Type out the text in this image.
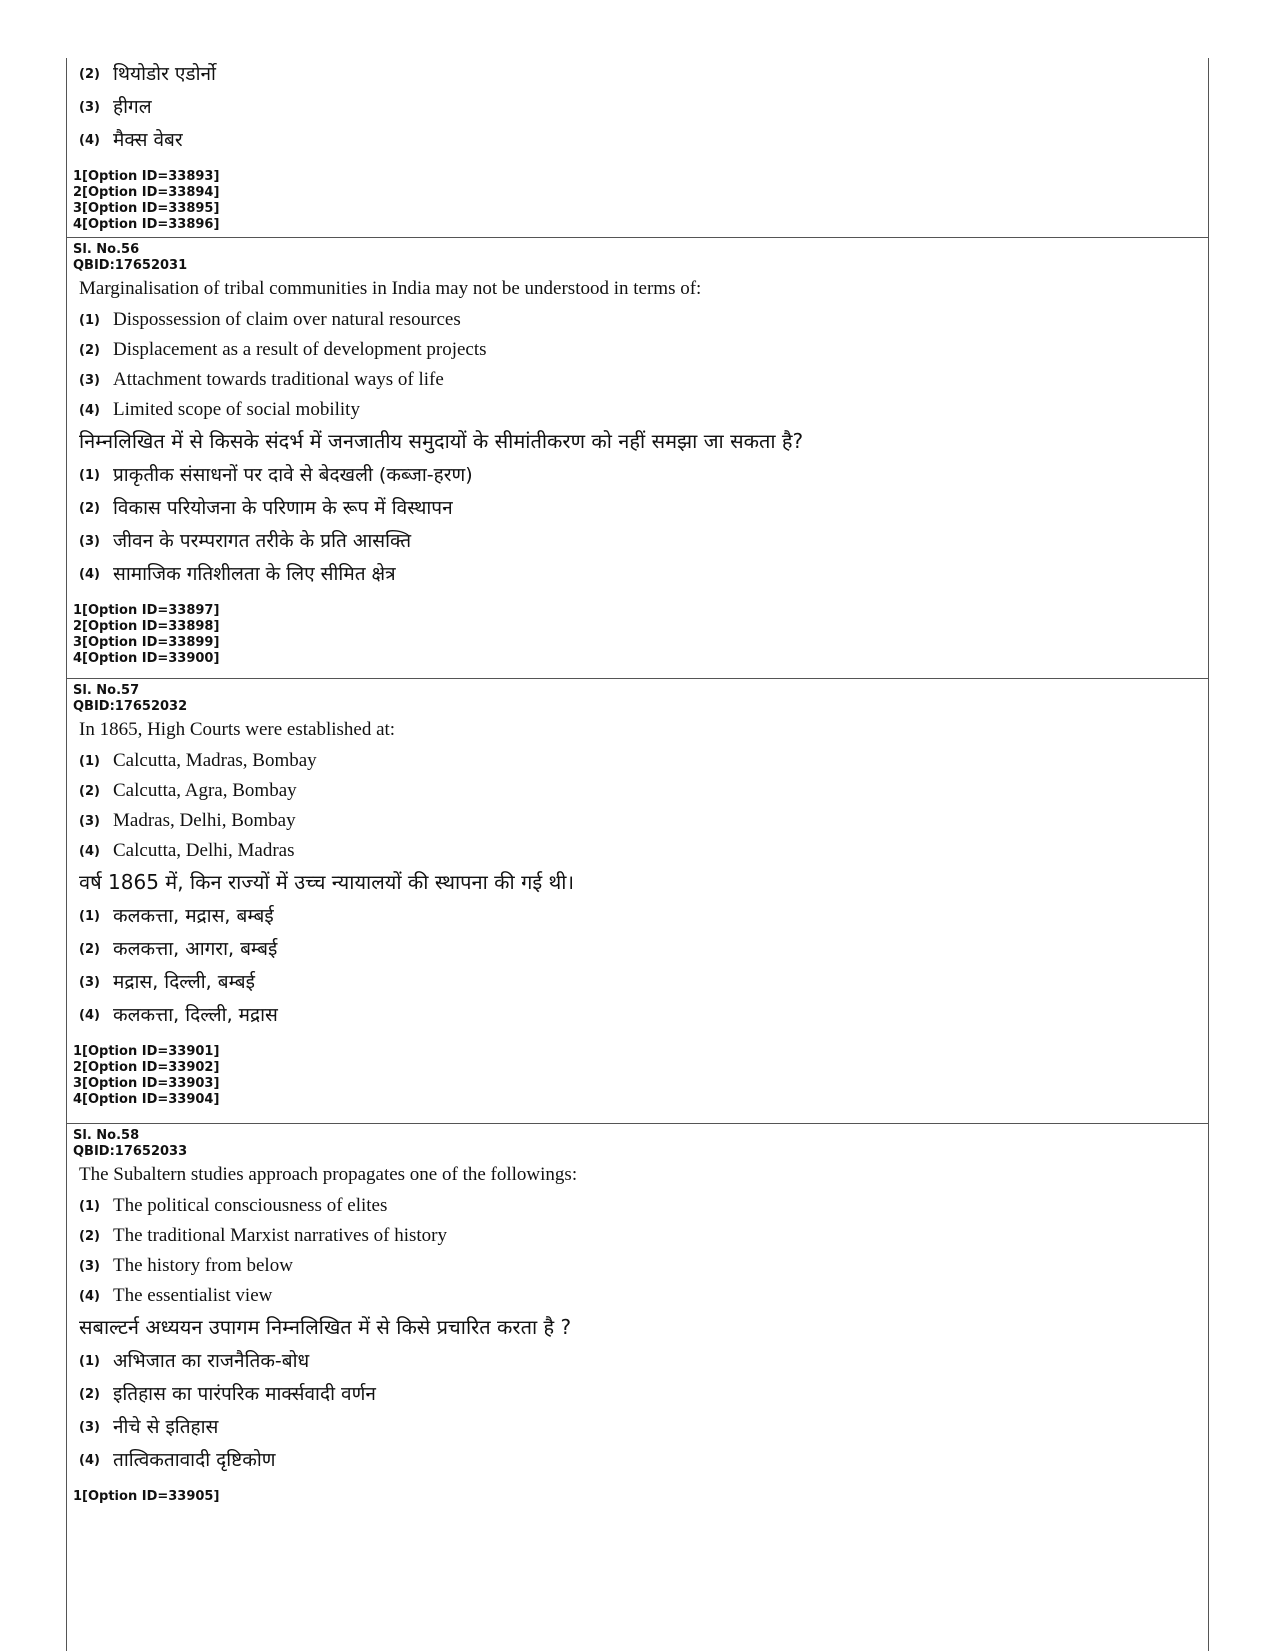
(2) थियोडोर एडोर्नो
(3) हीगल
(4) मैक्स वेबर

1[Option ID=33893]

2[Option ID=33894]

3[Option ID=33895]

4[Option ID=33896]

Sl. No.56

QBID:17652031

Marginalisation of tribal communities in India may not be understood in terms of:

(1) Dispossession of claim over natural resources
(2) Displacement as a result of development projects
(3) Attachment towards traditional ways of life
(4) Limited scope of social mobility

निम्नलिखित में से किसके संदर्भ में जनजातीय समुदायों के सीमांतीकरण को नहीं समझा जा सकता है?

(1) प्राकृतीक संसाधनों पर दावे से बेदखली (कब्जा-हरण)
(2) विकास परियोजना के परिणाम के रूप में विस्थापन
(3) जीवन के परम्परागत तरीके के प्रति आसक्ति
(4) सामाजिक गतिशीलता के लिए सीमित क्षेत्र

1[Option ID=33897]

2[Option ID=33898]

3[Option ID=33899]

4[Option ID=33900]

Sl. No.57

QBID:17652032

In 1865, High Courts were established at:

(1) Calcutta, Madras, Bombay
(2) Calcutta, Agra, Bombay
(3) Madras, Delhi, Bombay
(4) Calcutta, Delhi, Madras

वर्ष 1865 में, किन राज्यों में उच्च न्यायालयों की स्थापना की गई थी।

(1) कलकत्ता, मद्रास, बम्बई
(2) कलकत्ता, आगरा, बम्बई
(3) मद्रास, दिल्ली, बम्बई
(4) कलकत्ता, दिल्ली, मद्रास

1[Option ID=33901]

2[Option ID=33902]

3[Option ID=33903]

4[Option ID=33904]

Sl. No.58

QBID:17652033

The Subaltern studies approach propagates one of the followings:

(1) The political consciousness of elites
(2) The traditional Marxist narratives of history
(3) The history from below
(4) The essentialist view

सबाल्टर्न अध्ययन उपागम निम्नलिखित में से किसे प्रचारित करता है ?

(1) अभिजात का राजनैतिक-बोध
(2) इतिहास का पारंपरिक मार्क्सवादी वर्णन
(3) नीचे से इतिहास
(4) तात्विकतावादी दृष्टिकोण

1[Option ID=33905]
